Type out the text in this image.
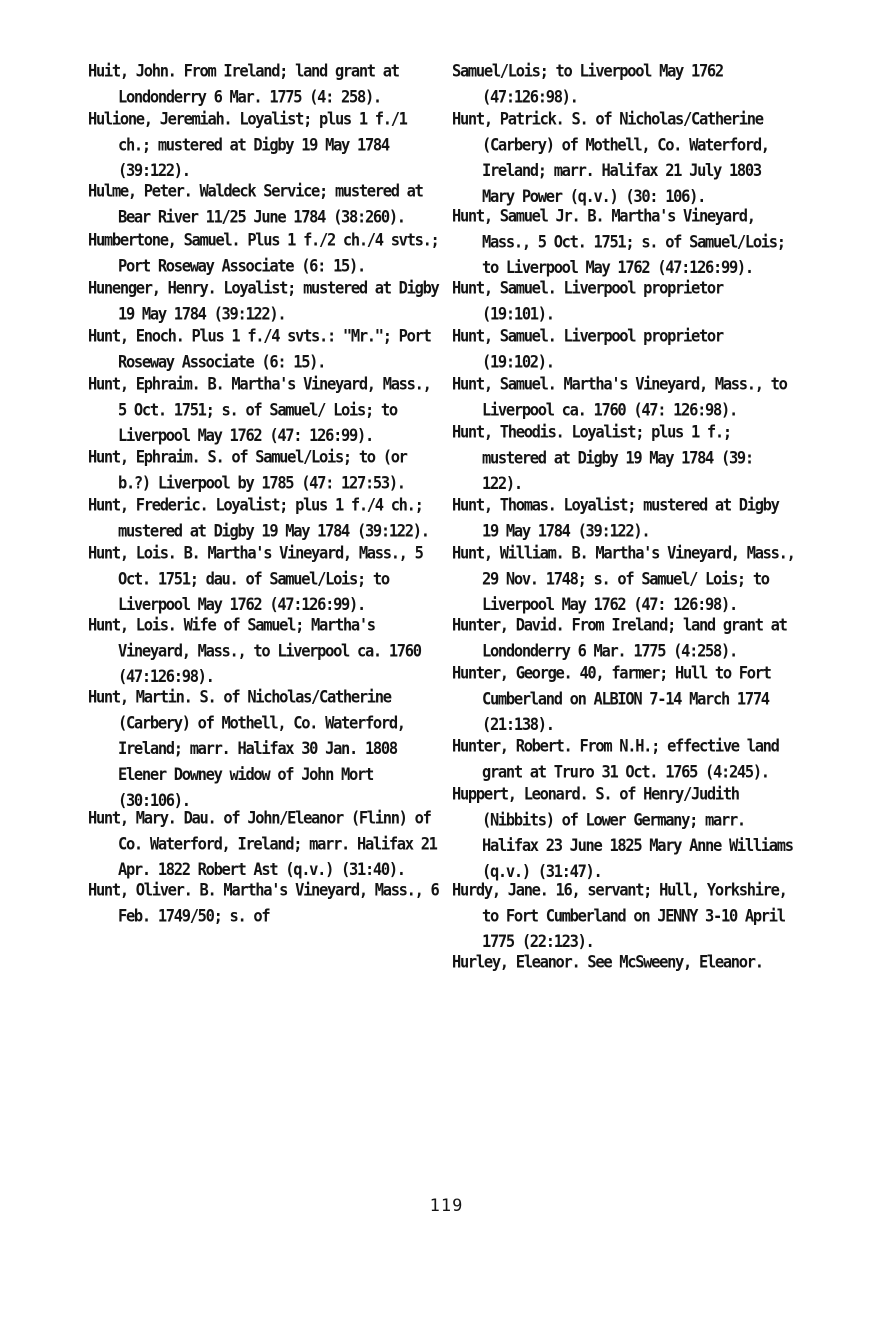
Huit, John. From Ireland; land grant at Londonderry 6 Mar. 1775 (4: 258).

Hulione, Jeremiah. Loyalist; plus 1 f./1 ch.; mustered at Digby 19 May 1784 (39:122).

Hulme, Peter. Waldeck Service; mustered at Bear River 11/25 June 1784 (38:260).

Humbertone, Samuel. Plus 1 f./2 ch./4 svts.; Port Roseway Associate (6: 15).

Hunenger, Henry. Loyalist; mustered at Digby 19 May 1784 (39:122).

Hunt, Enoch. Plus 1 f./4 svts.: "Mr."; Port Roseway Associate (6: 15).

Hunt, Ephraim. B. Martha's Vineyard, Mass., 5 Oct. 1751; s. of Samuel/ Lois; to Liverpool May 1762 (47: 126:99).

Hunt, Ephraim. S. of Samuel/Lois; to (or b.?) Liverpool by 1785 (47: 127:53).

Hunt, Frederic. Loyalist; plus 1 f./4 ch.; mustered at Digby 19 May 1784 (39:122).

Hunt, Lois. B. Martha's Vineyard, Mass., 5 Oct. 1751; dau. of Samuel/Lois; to Liverpool May 1762 (47:126:99).

Hunt, Lois. Wife of Samuel; Martha's Vineyard, Mass., to Liverpool ca. 1760 (47:126:98).

Hunt, Martin. S. of Nicholas/Catherine (Carbery) of Mothell, Co. Waterford, Ireland; marr. Halifax 30 Jan. 1808 Elener Downey widow of John Mort (30:106).

Hunt, Mary. Dau. of John/Eleanor (Flinn) of Co. Waterford, Ireland; marr. Halifax 21 Apr. 1822 Robert Ast (q.v.) (31:40).

Hunt, Oliver. B. Martha's Vineyard, Mass., 6 Feb. 1749/50; s. of

Samuel/Lois; to Liverpool May 1762 (47:126:98).

Hunt, Patrick. S. of Nicholas/Catherine (Carbery) of Mothell, Co. Waterford, Ireland; marr. Halifax 21 July 1803 Mary Power (q.v.) (30: 106).

Hunt, Samuel Jr. B. Martha's Vineyard, Mass., 5 Oct. 1751; s. of Samuel/Lois; to Liverpool May 1762 (47:126:99).

Hunt, Samuel. Liverpool proprietor (19:101).

Hunt, Samuel. Liverpool proprietor (19:102).

Hunt, Samuel. Martha's Vineyard, Mass., to Liverpool ca. 1760 (47: 126:98).

Hunt, Theodis. Loyalist; plus 1 f.; mustered at Digby 19 May 1784 (39: 122).

Hunt, Thomas. Loyalist; mustered at Digby 19 May 1784 (39:122).

Hunt, William. B. Martha's Vineyard, Mass., 29 Nov. 1748; s. of Samuel/ Lois; to Liverpool May 1762 (47: 126:98).

Hunter, David. From Ireland; land grant at Londonderry 6 Mar. 1775 (4:258).

Hunter, George. 40, farmer; Hull to Fort Cumberland on ALBION 7-14 March 1774 (21:138).

Hunter, Robert. From N.H.; effective land grant at Truro 31 Oct. 1765 (4:245).

Huppert, Leonard. S. of Henry/Judith (Nibbits) of Lower Germany; marr. Halifax 23 June 1825 Mary Anne Williams (q.v.) (31:47).

Hurdy, Jane. 16, servant; Hull, Yorkshire, to Fort Cumberland on JENNY 3-10 April 1775 (22:123).

Hurley, Eleanor. See McSweeny, Eleanor.

119
